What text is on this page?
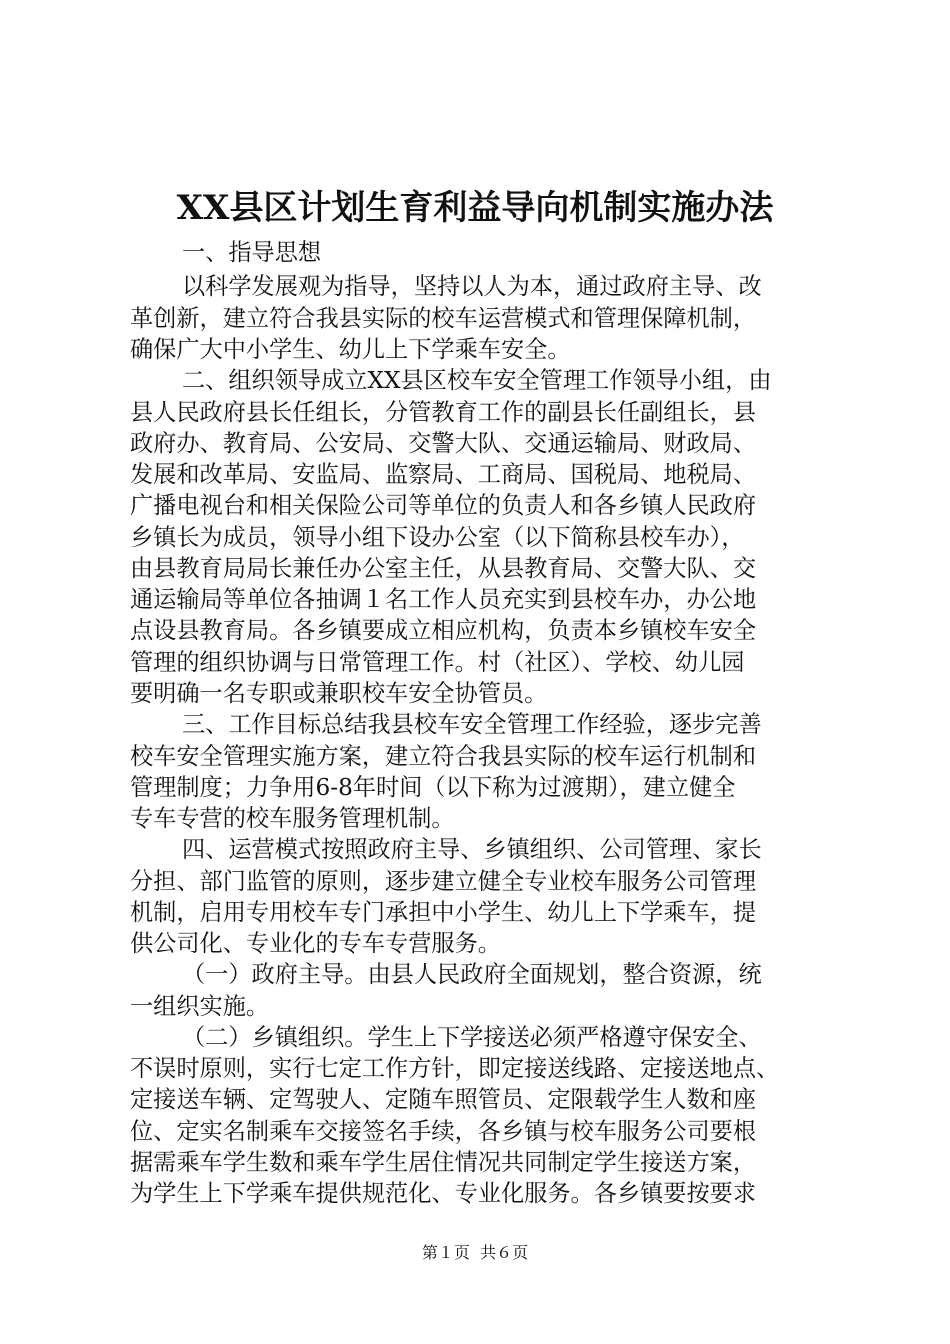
XX县区计划生育利益导向机制实施办法
一、指导思想
以科学发展观为指导，坚持以人为本，通过政府主导、改
革创新，建立符合我县实际的校车运营模式和管理保障机制，
确保广大中小学生、幼儿上下学乘车安全。
二、组织领导成立XX县区校车安全管理工作领导小组，由
县人民政府县长任组长，分管教育工作的副县长任副组长，县
政府办、教育局、公安局、交警大队、交通运输局、财政局、
发展和改革局、安监局、监察局、工商局、国税局、地税局、
广播电视台和相关保险公司等单位的负责人和各乡镇人民政府
乡镇长为成员，领导小组下设办公室（以下简称县校车办），
由县教育局局长兼任办公室主任，从县教育局、交警大队、交
通运输局等单位各抽调１名工作人员充实到县校车办，办公地
点设县教育局。各乡镇要成立相应机构，负责本乡镇校车安全
管理的组织协调与日常管理工作。村（社区）、学校、幼儿园
要明确一名专职或兼职校车安全协管员。
三、工作目标总结我县校车安全管理工作经验，逐步完善
校车安全管理实施方案，建立符合我县实际的校车运行机制和
管理制度；力争用6-8年时间（以下称为过渡期），建立健全
专车专营的校车服务管理机制。
四、运营模式按照政府主导、乡镇组织、公司管理、家长
分担、部门监管的原则，逐步建立健全专业校车服务公司管理
机制，启用专用校车专门承担中小学生、幼儿上下学乘车，提
供公司化、专业化的专车专营服务。
（一）政府主导。由县人民政府全面规划，整合资源，统
一组织实施。
（二）乡镇组织。学生上下学接送必须严格遵守保安全、
不误时原则，实行七定工作方针，即定接送线路、定接送地点、
定接送车辆、定驾驶人、定随车照管员、定限载学生人数和座
位、定实名制乘车交接签名手续，各乡镇与校车服务公司要根
据需乘车学生数和乘车学生居住情况共同制定学生接送方案，
为学生上下学乘车提供规范化、专业化服务。各乡镇要按要求
第１页  共６页
